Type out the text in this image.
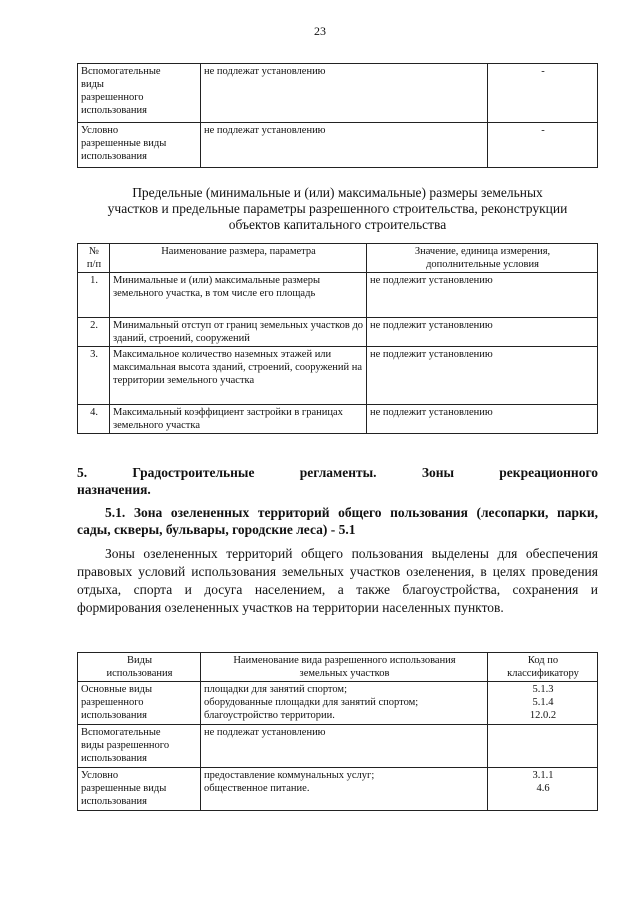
23
Вспомогательные
виды
разрешенного
использования	не подлежат установлению	-

Условно
разрешенные виды
использования	не подлежат установлению	-
Предельные (минимальные и (или) максимальные) размеры земельных
участков и предельные параметры разрешенного строительства, реконструкции
объектов капитального строительства
№
п/п	Наименование размера, параметра	Значение, единица измерения,
дополнительные условия

1.	Минимальные и (или) максимальные размеры земельного участка, в том числе его площадь	не подлежит установлению
2.	Минимальный отступ от границ земельных участков до зданий, строений, сооружений	не подлежит установлению
3.	Максимальное количество наземных этажей или максимальная высота зданий, строений, сооружений на территории земельного участка	не подлежит установлению
4.	Максимальный коэффициент застройки в границах земельного участка	не подлежит установлению
5. Градостроительные регламенты. Зоны рекреационного
назначения.
5.1. Зона озелененных территорий общего пользования (лесопарки, парки, сады, скверы, бульвары, городские леса) - 5.1
Зоны озелененных территорий общего пользования выделены для обеспечения правовых условий использования земельных участков озеленения, в целях проведения отдыха, спорта и досуга населением, а также благоустройства, сохранения и формирования озелененных участков на территории населенных пунктов.
Виды
использования	Наименование вида разрешенного использования
земельных участков	Код по
классификатору

Основные виды
разрешенного
использования	площадки для занятий спортом;
оборудованные площадки для занятий спортом;
благоустройство территории.	5.1.3
5.1.4
12.0.2

Вспомогательные
виды разрешенного
использования	не подлежат установлению	

Условно
разрешенные виды
использования	предоставление коммунальных услуг;
общественное питание.	3.1.1
4.6
